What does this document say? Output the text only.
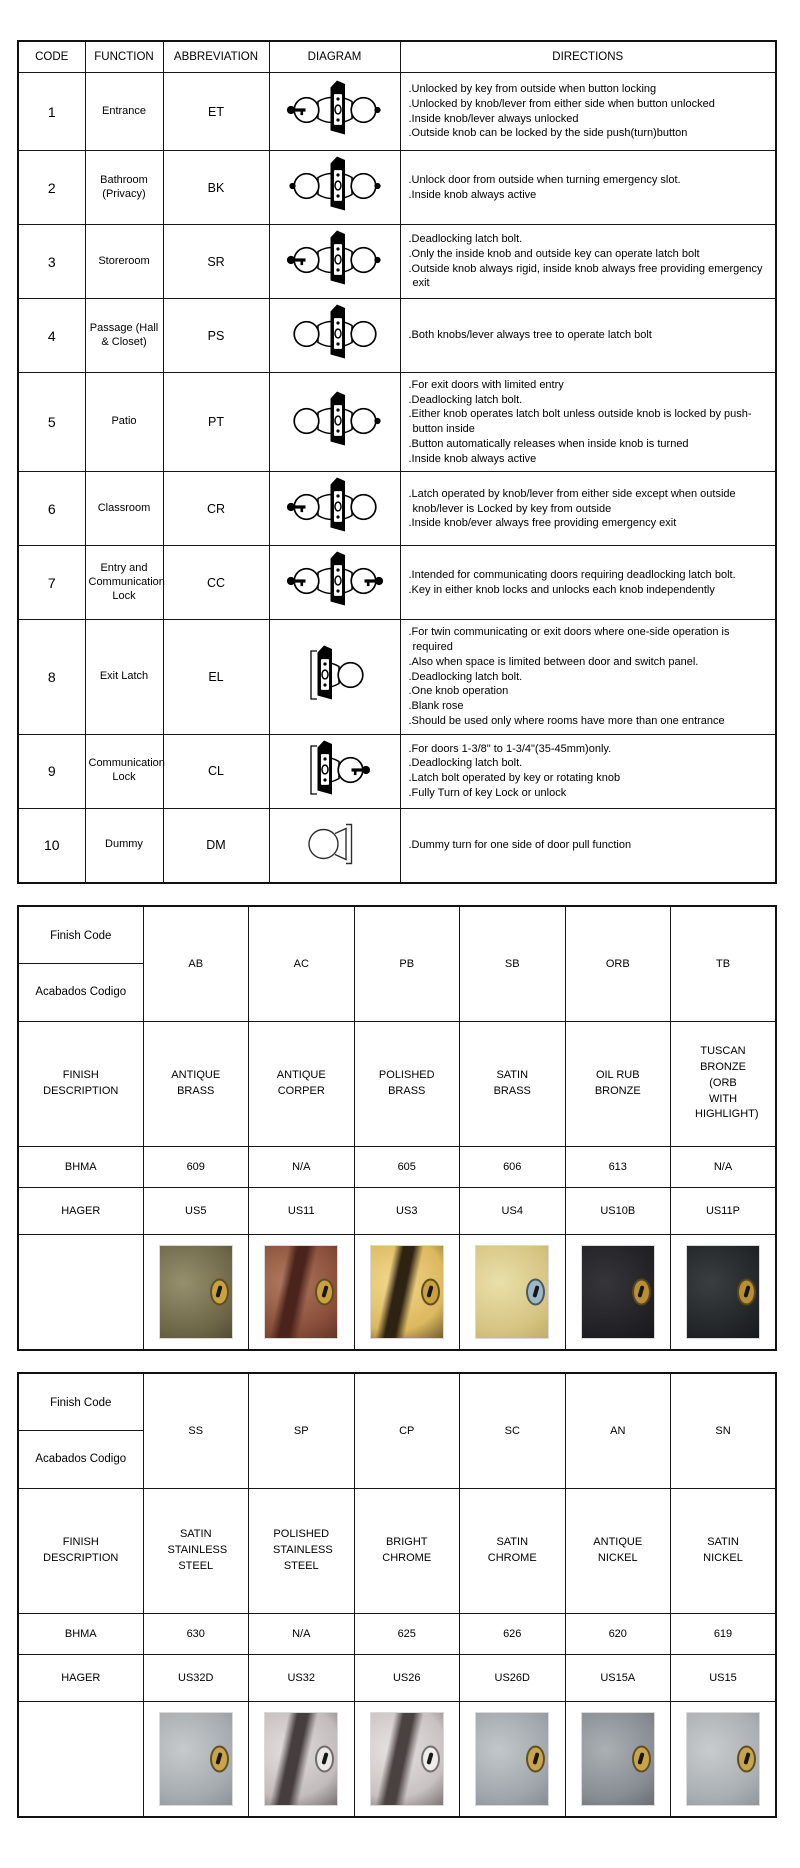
CODE	FUNCTION	ABBREVIATION	DIAGRAM	DIRECTIONS
1	Entrance	ET		.Unlocked by key from outside when button locking
.Unlocked by knob/lever from either side when button unlocked
.Inside knob/lever always unlocked
.Outside knob can be locked by the side push(turn)button

2	Bathroom (Privacy)	BK		.Unlock door from outside when turning emergency slot.
.Inside knob always active

3	Storeroom	SR		.Deadlocking latch bolt.
.Only the inside knob and outside key can operate latch bolt
.Outside knob always rigid, inside knob always free providing emergency exit

4	Passage (Hall & Closet)	PS		.Both knobs/lever always tree to operate latch bolt

5	Patio	PT		.For exit doors with limited entry
.Deadlocking latch bolt.
.Either knob operates latch bolt unless outside knob is locked by push-button inside
.Button automatically releases when inside knob is turned
.Inside knob always active

6	Classroom	CR		.Latch operated by knob/lever from either side except when outside knob/lever is Locked by key from outside
.Inside knob/ever always free providing emergency exit

7	Entry and Communication Lock	CC		.Intended for communicating doors requiring deadlocking latch bolt.
.Key in either knob locks and unlocks each knob independently

8	Exit Latch	EL		
.For twin communicating or exit doors where one-side operation is required
.Also when space is limited between door and switch panel.
.Deadlocking latch bolt.
.One knob operation
.Blank rose
.Should be used only where rooms have more than one entrance

9	Communication Lock	CL		.For doors 1-3/8" to 1-3/4"(35-45mm)only.
.Deadlocking latch bolt.
.Latch bolt operated by key or rotating knob
.Fully Turn of key Lock or unlock

10	Dummy	DM		.Dummy turn for one side of door pull function
Finish Code
Acabados Codigo	AB	AC	PB	SB	ORB	TB
FINISH DESCRIPTION	ANTIQUE BRASS	ANTIQUE CORPER	POLISHED BRASS	SATIN BRASS	OIL RUB BRONZE	TUSCAN BRONZE (ORB WITH HIGHLIGHT)
BHMA	609	N/A	605	606	613	N/A
HAGER	US5	US11	US3	US4	US10B	US11P

Finish Code
Acabados Codigo	SS	SP	CP	SC	AN	SN
FINISH DESCRIPTION	SATIN STAINLESS STEEL	POLISHED STAINLESS STEEL	BRIGHT CHROME	SATIN CHROME	ANTIQUE NICKEL	SATIN NICKEL
BHMA	630	N/A	625	626	620	619
HAGER	US32D	US32	US26	US26D	US15A	US15
